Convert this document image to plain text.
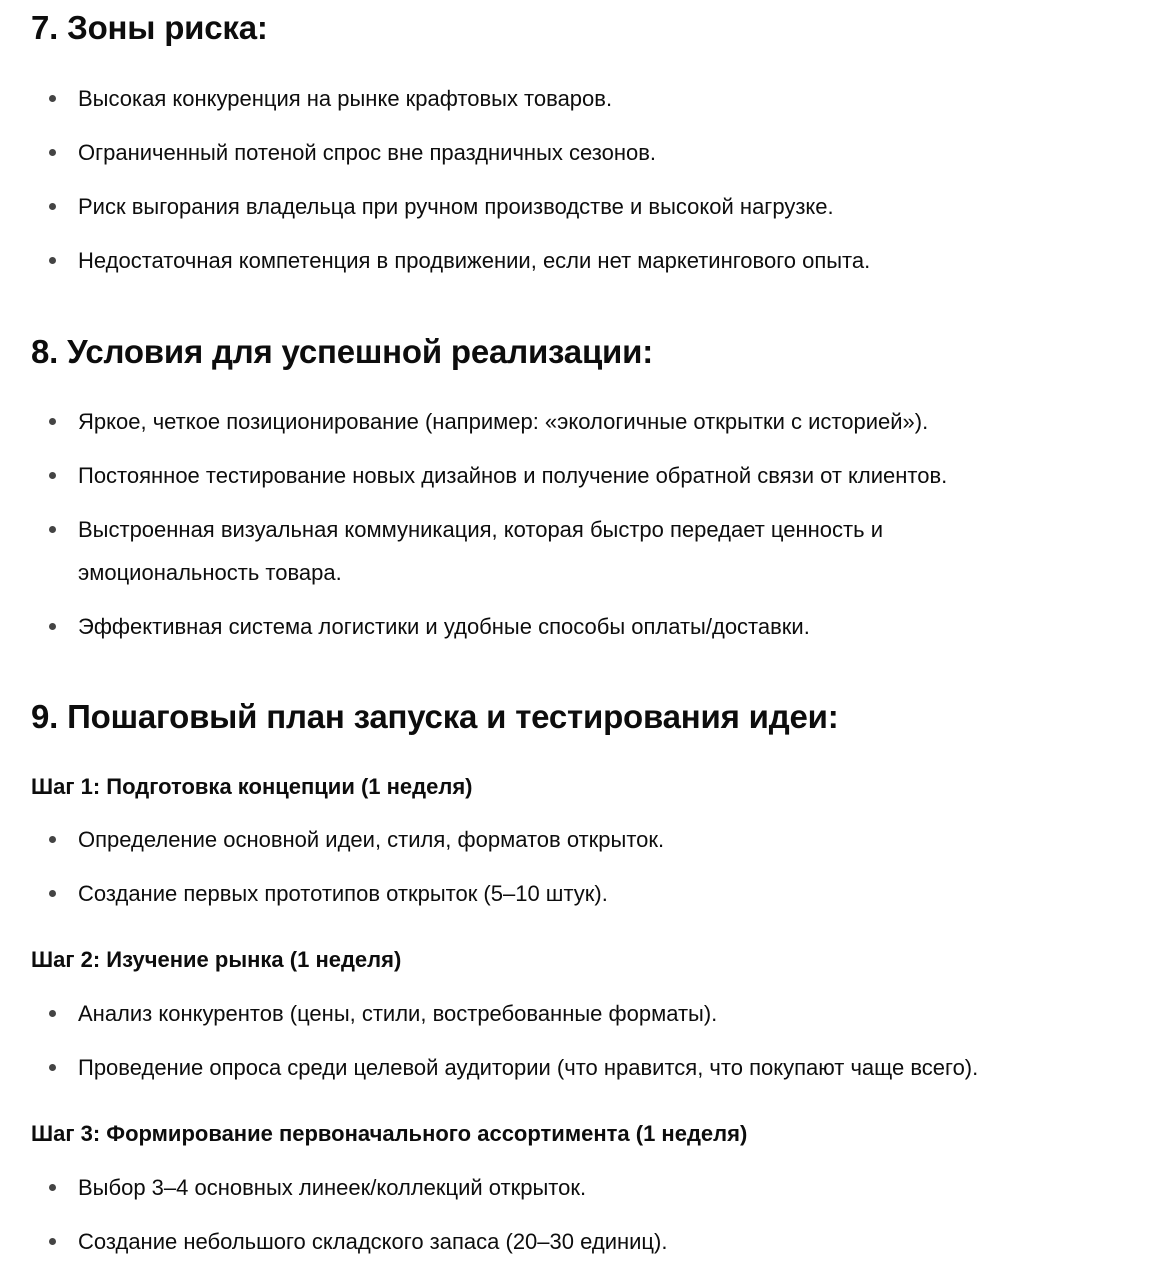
7. Зоны риска:
Высокая конкуренция на рынке крафтовых товаров.
Ограниченный потеной спрос вне праздничных сезонов.
Риск выгорания владельца при ручном производстве и высокой нагрузке.
Недостаточная компетенция в продвижении, если нет маркетингового опыта.
8. Условия для успешной реализации:
Яркое, четкое позиционирование (например: «экологичные открытки с историей»).
Постоянное тестирование новых дизайнов и получение обратной связи от клиентов.
Выстроенная визуальная коммуникация, которая быстро передает ценность и эмоциональность товара.
Эффективная система логистики и удобные способы оплаты/доставки.
9. Пошаговый план запуска и тестирования идеи:
Шаг 1: Подготовка концепции (1 неделя)
Определение основной идеи, стиля, форматов открыток.
Создание первых прототипов открыток (5–10 штук).
Шаг 2: Изучение рынка (1 неделя)
Анализ конкурентов (цены, стили, востребованные форматы).
Проведение опроса среди целевой аудитории (что нравится, что покупают чаще всего).
Шаг 3: Формирование первоначального ассортимента (1 неделя)
Выбор 3–4 основных линеек/коллекций открыток.
Создание небольшого складского запаса (20–30 единиц).
